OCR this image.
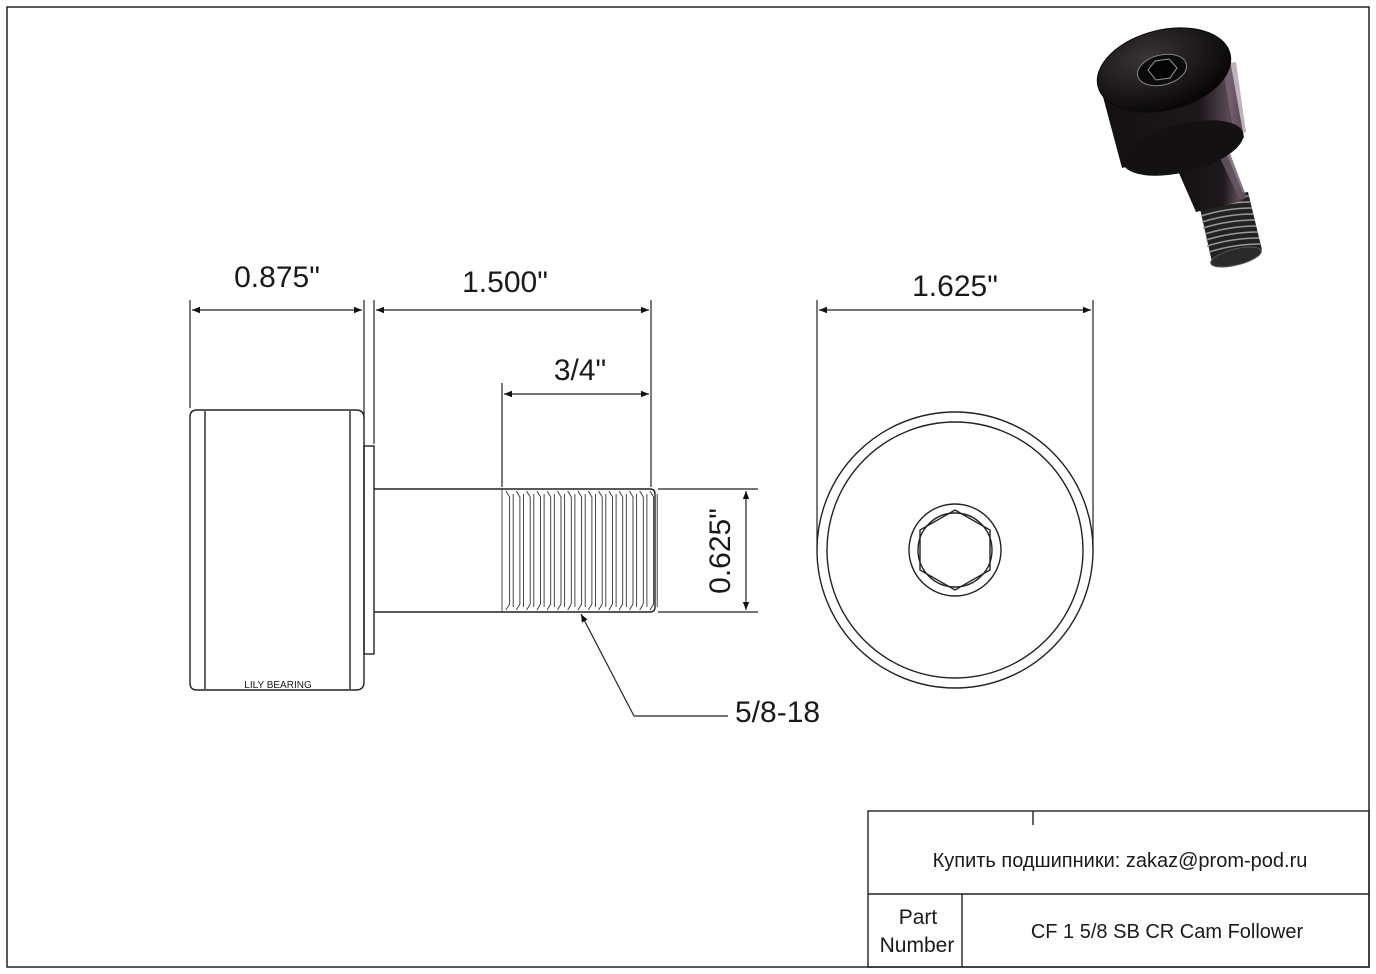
LILY BEARING
0.875"	1.500"
3/4"
0.625"
1.625"
5/8-18
Купить подшипники: zakaz@prom-pod.ru
Part
Number
CF 1 5/8 SB CR Cam Follower
